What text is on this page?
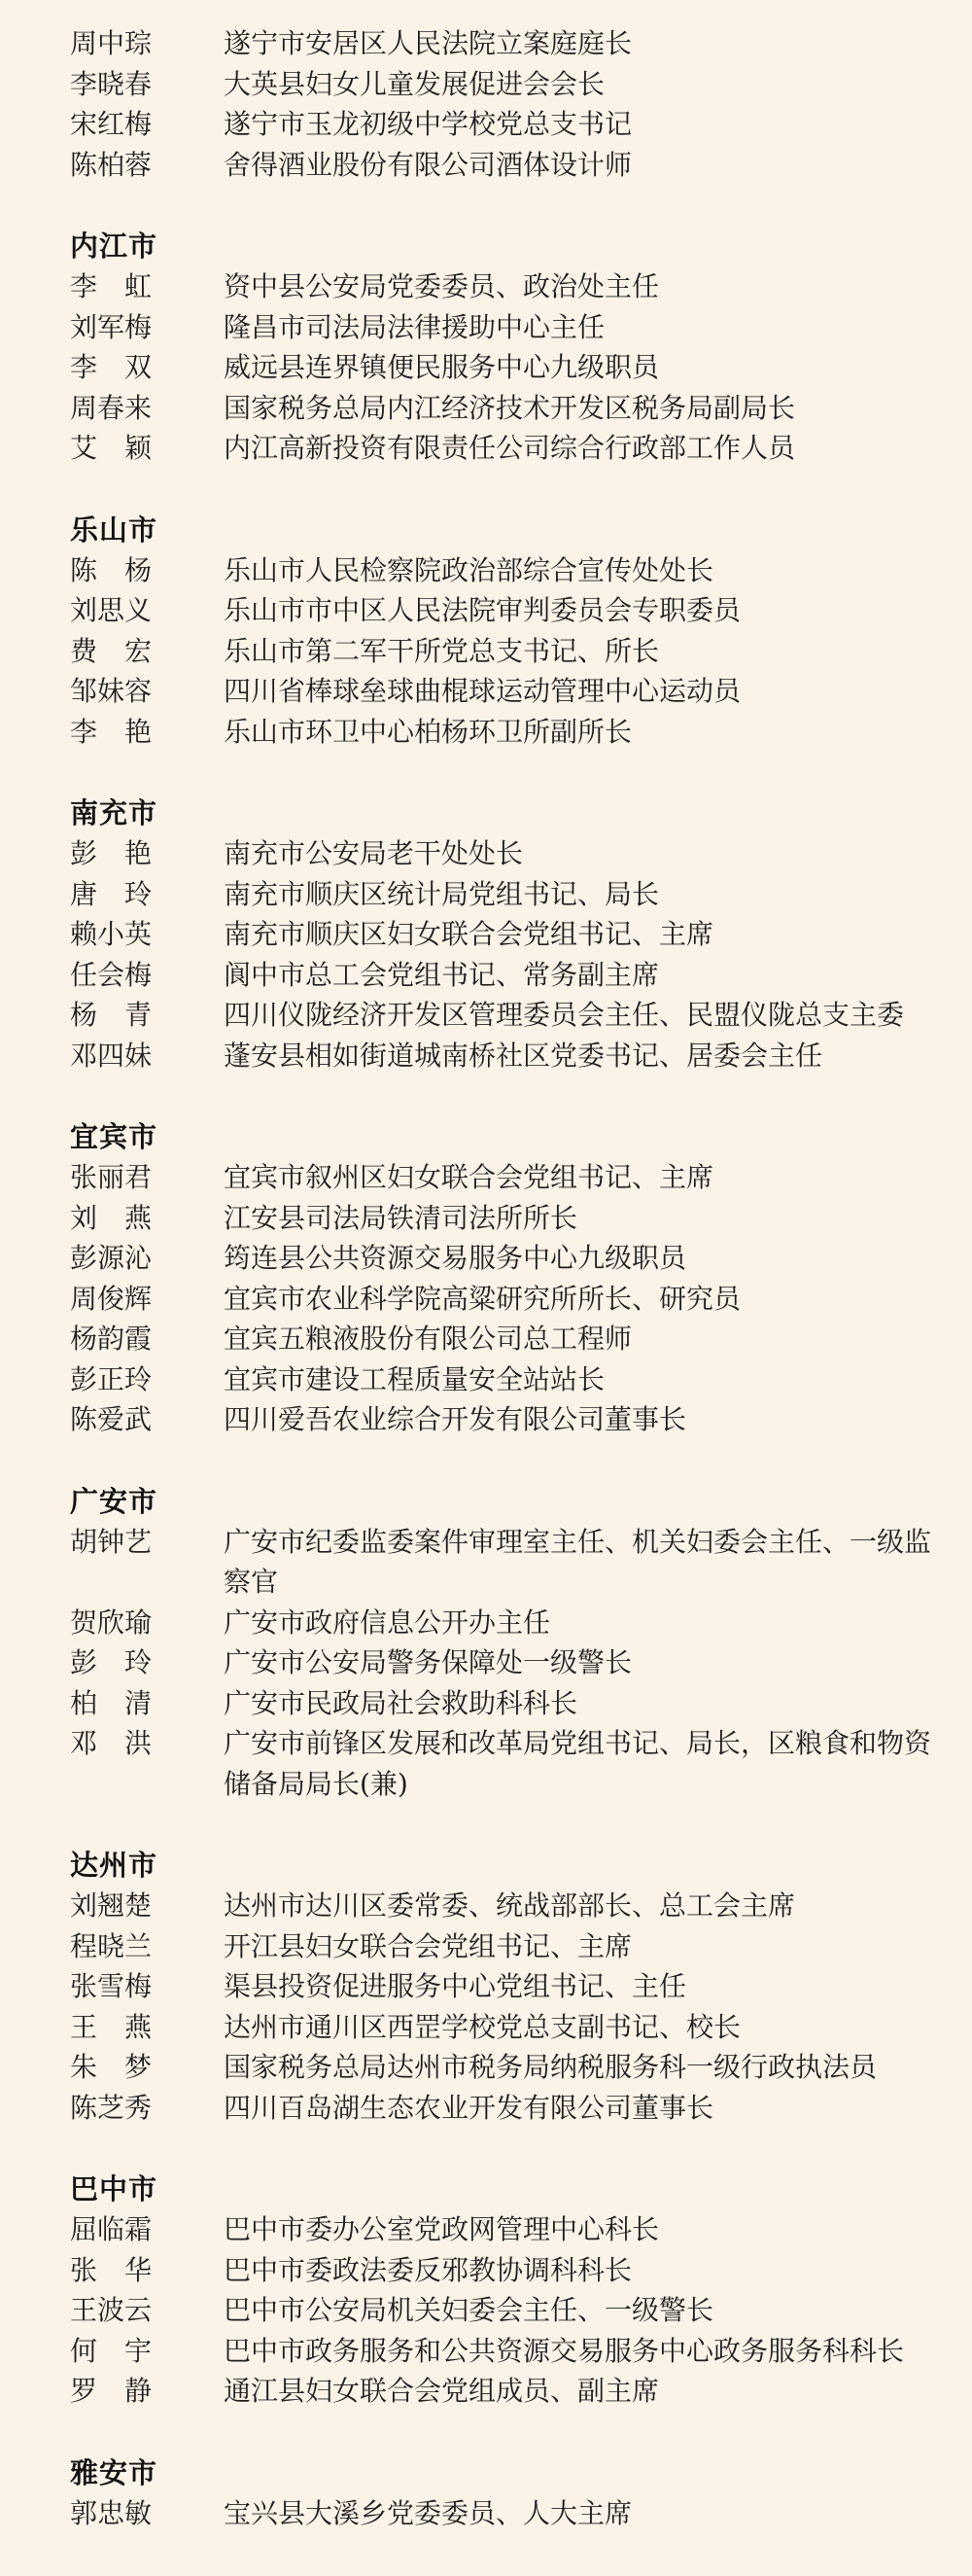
周中琮	遂宁市安居区人民法院立案庭庭长
李晓春	大英县妇女儿童发展促进会会长
宋红梅	遂宁市玉龙初级中学校党总支书记
陈柏蓉	舍得酒业股份有限公司酒体设计师
内江市
李虹	资中县公安局党委委员、政治处主任
刘军梅	隆昌市司法局法律援助中心主任
李双	威远县连界镇便民服务中心九级职员
周春来	国家税务总局内江经济技术开发区税务局副局长
艾颖	内江高新投资有限责任公司综合行政部工作人员
乐山市
陈杨	乐山市人民检察院政治部综合宣传处处长
刘思义	乐山市市中区人民法院审判委员会专职委员
费宏	乐山市第二军干所党总支书记、所长
邹妹容	四川省棒球垒球曲棍球运动管理中心运动员
李艳	乐山市环卫中心柏杨环卫所副所长
南充市
彭艳	南充市公安局老干处处长
唐玲	南充市顺庆区统计局党组书记、局长
赖小英	南充市顺庆区妇女联合会党组书记、主席
任会梅	阆中市总工会党组书记、常务副主席
杨青	四川仪陇经济开发区管理委员会主任、民盟仪陇总支主委
邓四妹	蓬安县相如街道城南桥社区党委书记、居委会主任
宜宾市
张丽君	宜宾市叙州区妇女联合会党组书记、主席
刘燕	江安县司法局铁清司法所所长
彭源沁	筠连县公共资源交易服务中心九级职员
周俊辉	宜宾市农业科学院高粱研究所所长、研究员
杨韵霞	宜宾五粮液股份有限公司总工程师
彭正玲	宜宾市建设工程质量安全站站长
陈爱武	四川爱吾农业综合开发有限公司董事长
广安市
胡钟艺	广安市纪委监委案件审理室主任、机关妇委会主任、一级监察官
贺欣瑜	广安市政府信息公开办主任
彭玲	广安市公安局警务保障处一级警长
柏清	广安市民政局社会救助科科长
邓洪	广安市前锋区发展和改革局党组书记、局长，区粮食和物资储备局局长(兼)
达州市
刘翘楚	达州市达川区委常委、统战部部长、总工会主席
程晓兰	开江县妇女联合会党组书记、主席
张雪梅	渠县投资促进服务中心党组书记、主任
王燕	达州市通川区西罡学校党总支副书记、校长
朱梦	国家税务总局达州市税务局纳税服务科一级行政执法员
陈芝秀	四川百岛湖生态农业开发有限公司董事长
巴中市
屈临霜	巴中市委办公室党政网管理中心科长
张华	巴中市委政法委反邪教协调科科长
王波云	巴中市公安局机关妇委会主任、一级警长
何宇	巴中市政务服务和公共资源交易服务中心政务服务科科长
罗静	通江县妇女联合会党组成员、副主席
雅安市
郭忠敏	宝兴县大溪乡党委委员、人大主席
